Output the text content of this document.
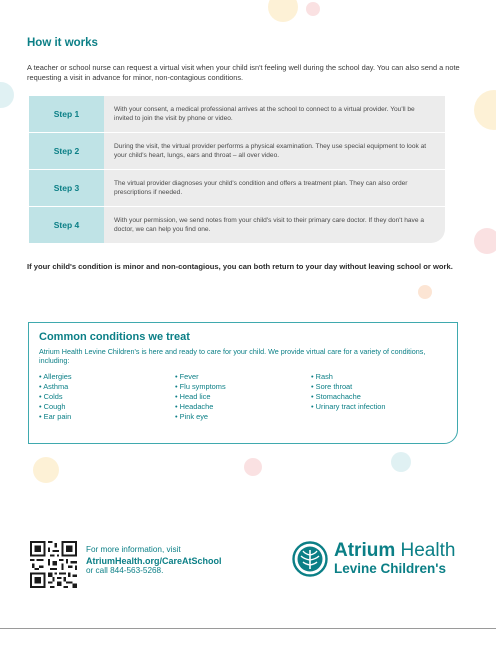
How it works

A teacher or school nurse can request a virtual visit when your child isn't feeling well during the school day. You can also send a note requesting a visit in advance for minor, non-contagious conditions.

Step 1	With your consent, a medical professional arrives at the school to connect to a virtual provider. You'll be invited to join the visit by phone or video.
Step 2	During the visit, the virtual provider performs a physical examination. They use special equipment to look at your child's heart, lungs, ears and throat – all over video.
Step 3	The virtual provider diagnoses your child's condition and offers a treatment plan. They can also order prescriptions if needed.
Step 4	With your permission, we send notes from your child's visit to their primary care doctor. If they don't have a doctor, we can help you find one.

If your child's condition is minor and non-contagious, you can both return to your day without leaving school or work.

Common conditions we treat

Atrium Health Levine Children's is here and ready to care for your child. We provide virtual care for a variety of conditions, including:

• Allergies
• Asthma
• Colds
• Cough
• Ear pain
• Fever
• Flu symptoms
• Head lice
• Headache
• Pink eye
• Rash
• Sore throat
• Stomachache
• Urinary tract infection
For more information, visit
AtriumHealth.org/CareAtSchool
or call 844-563-5268.
Atrium Health
Levine Children's
